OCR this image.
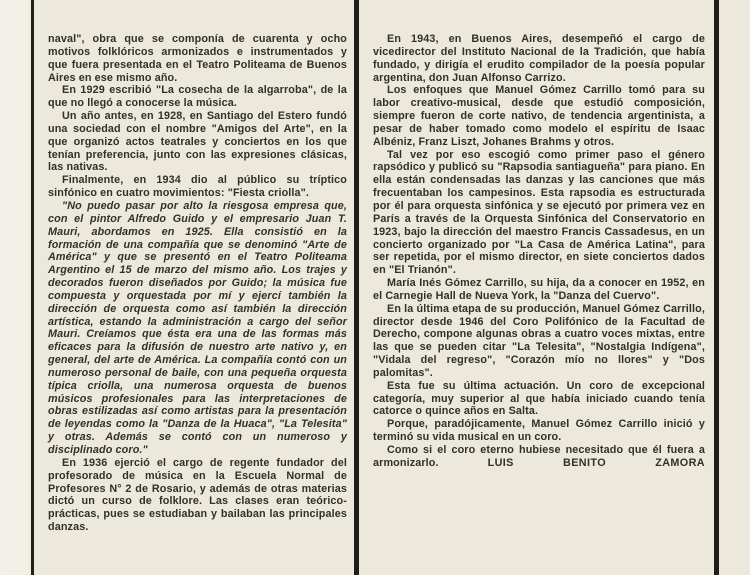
naval", obra que se componía de cuarenta y ocho motivos folklóricos armonizados e instrumentados y que fuera presentada en el Teatro Politeama de Buenos Aires en ese mismo año.

En 1929 escribió "La cosecha de la algarroba", de la que no llegó a conocerse la música.

Un año antes, en 1928, en Santiago del Estero fundó una sociedad con el nombre "Amigos del Arte", en la que organizó actos teatrales y conciertos en los que tenían preferencia, junto con las expresiones clásicas, las nativas.

Finalmente, en 1934 dio al público su tríptico sinfónico en cuatro movimientos: "Fiesta criolla".

"No puedo pasar por alto la riesgosa empresa que, con el pintor Alfredo Guido y el empresario Juan T. Mauri, abordamos en 1925. Ella consistió en la formación de una compañía que se denominó "Arte de América" y que se presentó en el Teatro Politeama Argentino el 15 de marzo del mismo año. Los trajes y decorados fueron diseñados por Guido; la música fue compuesta y orquestada por mí y ejercí también la dirección de orquesta como así también la dirección artística, estando la administración a cargo del señor Mauri. Creíamos que ésta era una de las formas más eficaces para la difusión de nuestro arte nativo y, en general, del arte de América. La compañía contó con un numeroso personal de baile, con una pequeña orquesta típica criolla, una numerosa orquesta de buenos músicos profesionales para las interpretaciones de obras estilizadas así como artistas para la presentación de leyendas como la "Danza de la Huaca", "La Telesita" y otras. Además se contó con un numeroso y disciplinado coro."

En 1936 ejerció el cargo de regente fundador del profesorado de música en la Escuela Normal de Profesores N° 2 de Rosario, y además de otras materias dictó un curso de folklore. Las clases eran teórico-prácticas, pues se estudiaban y bailaban las principales danzas.

En 1943, en Buenos Aires, desempeñó el cargo de vicedirector del Instituto Nacional de la Tradición, que había fundado, y dirigía el erudito compilador de la poesía popular argentina, don Juan Alfonso Carrizo.

Los enfoques que Manuel Gómez Carrillo tomó para su labor creativo-musical, desde que estudió composición, siempre fueron de corte nativo, de tendencia argentinista, a pesar de haber tomado como modelo el espíritu de Isaac Albéniz, Franz Liszt, Johanes Brahms y otros.

Tal vez por eso escogió como primer paso el género rapsódico y publicó su "Rapsodia santiagueña" para piano. En ella están condensadas las danzas y las canciones que más frecuentaban los campesinos. Esta rapsodia es estructurada por él para orquesta sinfónica y se ejecutó por primera vez en París a través de la Orquesta Sinfónica del Conservatorio en 1923, bajo la dirección del maestro Francis Cassadesus, en un concierto organizado por "La Casa de América Latina", para ser repetida, por el mismo director, en siete conciertos dados en "El Trianón".

María Inés Gómez Carrillo, su hija, da a conocer en 1952, en el Carnegie Hall de Nueva York, la "Danza del Cuervo".

En la última etapa de su producción, Manuel Gómez Carrillo, director desde 1946 del Coro Polifónico de la Facultad de Derecho, compone algunas obras a cuatro voces mixtas, entre las que se pueden citar "La Telesita", "Nostalgia Indígena", "Vidala del regreso", "Corazón mío no llores" y "Dos palomitas".

Esta fue su última actuación. Un coro de excepcional categoría, muy superior al que había iniciado cuando tenía catorce o quince años en Salta.

Porque, paradójicamente, Manuel Gómez Carrillo inició y terminó su vida musical en un coro.

Como si el coro eterno hubiese necesitado que él fuera a armonizarlo. LUIS BENITO ZAMORA
